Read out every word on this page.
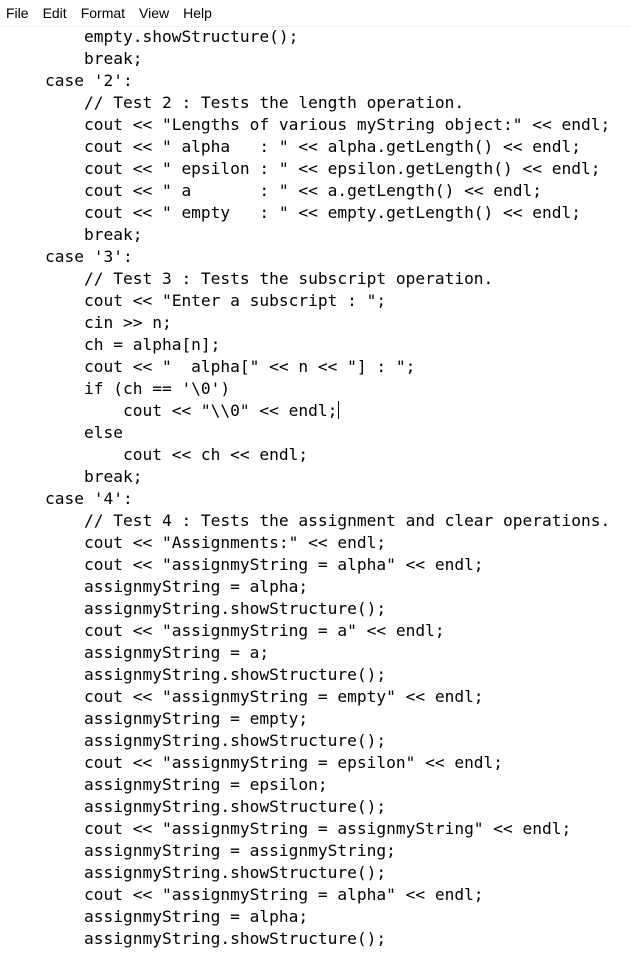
File	Edit	Format	View	Help
empty.showStructure();
break;
case '2':
// Test 2 : Tests the length operation.
cout << "Lengths of various myString object:" << endl;
cout << " alpha   : " << alpha.getLength() << endl;
cout << " epsilon : " << epsilon.getLength() << endl;
cout << " a       : " << a.getLength() << endl;
cout << " empty   : " << empty.getLength() << endl;
break;
case '3':
// Test 3 : Tests the subscript operation.
cout << "Enter a subscript : ";
cin >> n;
ch = alpha[n];
cout << "  alpha[" << n << "] : ";
if (ch == '\0')
cout << "\\0" << endl;
else
cout << ch << endl;
break;
case '4':
// Test 4 : Tests the assignment and clear operations.
cout << "Assignments:" << endl;
cout << "assignmyString = alpha" << endl;
assignmyString = alpha;
assignmyString.showStructure();
cout << "assignmyString = a" << endl;
assignmyString = a;
assignmyString.showStructure();
cout << "assignmyString = empty" << endl;
assignmyString = empty;
assignmyString.showStructure();
cout << "assignmyString = epsilon" << endl;
assignmyString = epsilon;
assignmyString.showStructure();
cout << "assignmyString = assignmyString" << endl;
assignmyString = assignmyString;
assignmyString.showStructure();
cout << "assignmyString = alpha" << endl;
assignmyString = alpha;
assignmyString.showStructure();
